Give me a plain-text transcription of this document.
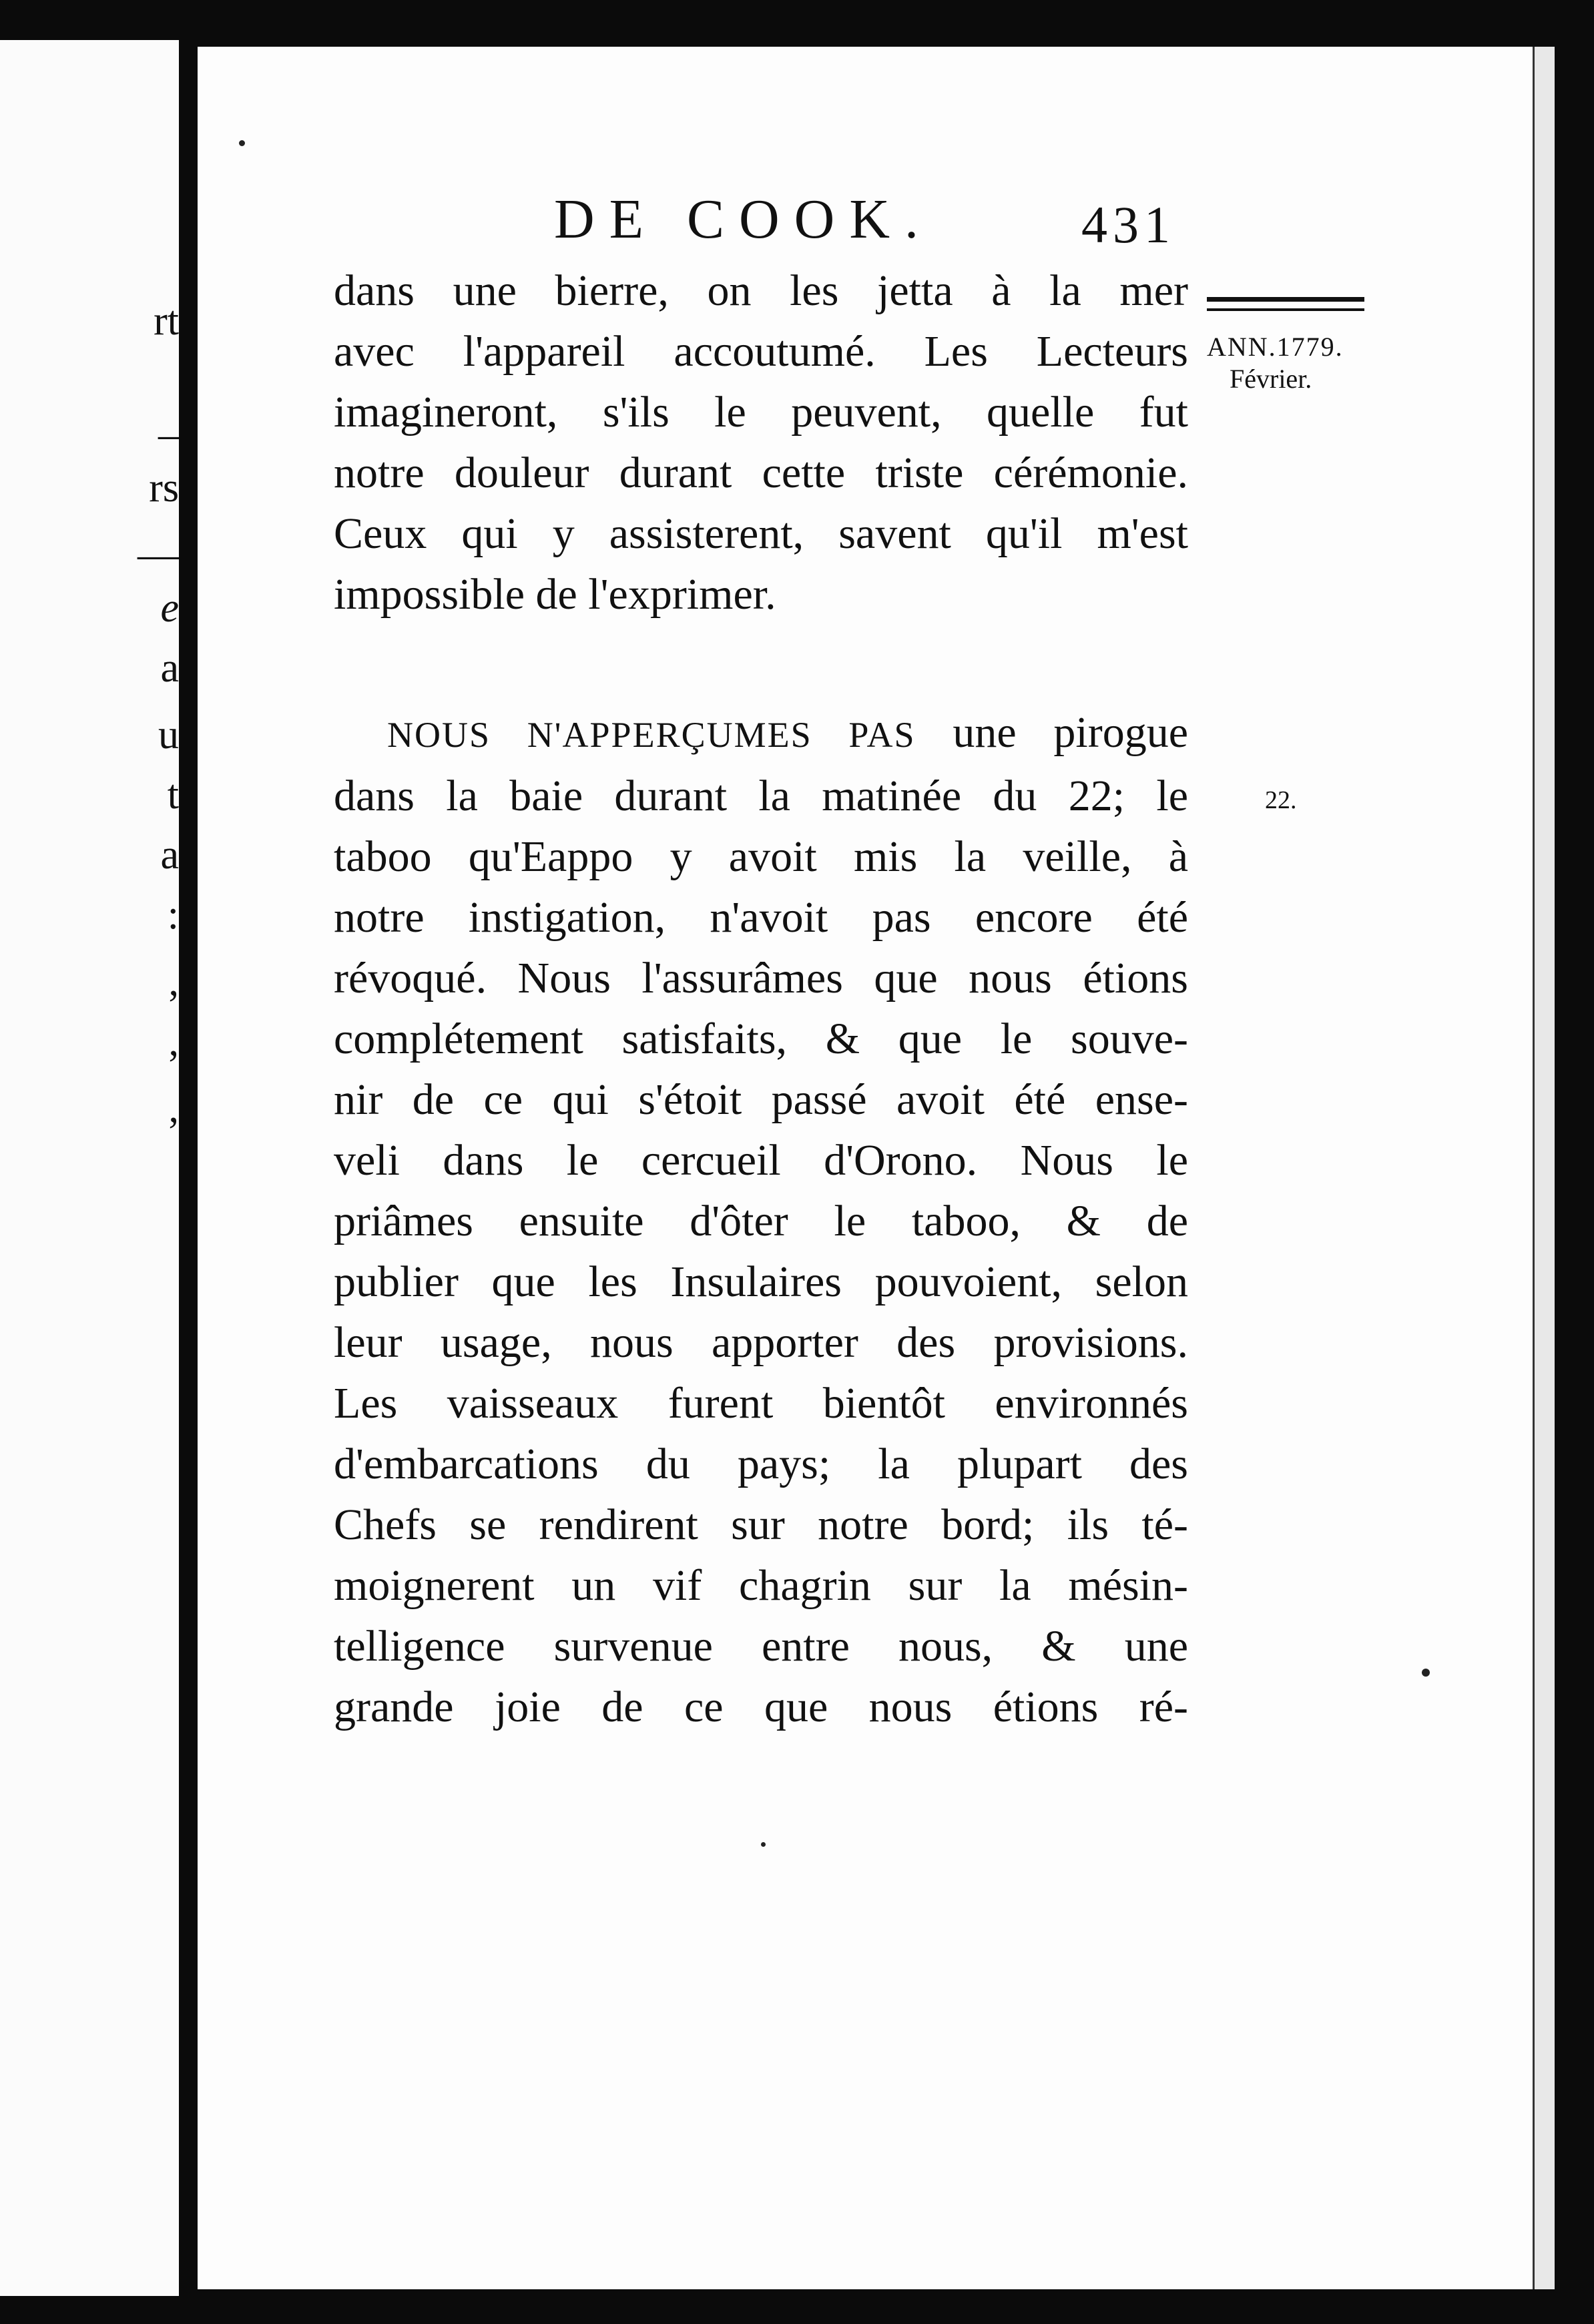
rt
–
rs
—
e
a
u
t
a
:
,
,
,
DE COOK.	431
ANN.1779.
Février.
22.
dans une bierre, on les jetta à la mer
avec l'appareil accoutumé. Les Lecteurs
imagineront, s'ils le peuvent, quelle fut
notre douleur durant cette triste cérémonie.
Ceux qui y assisterent, savent qu'il m'est
impossible de l'exprimer.
NOUS N'APPERÇUMES PAS une pirogue
dans la baie durant la matinée du 22; le
taboo qu'Eappo y avoit mis la veille, à
notre instigation, n'avoit pas encore été
révoqué. Nous l'assurâmes que nous étions
complétement satisfaits, & que le souve-
nir de ce qui s'étoit passé avoit été ense-
veli dans le cercueil d'Orono. Nous le
priâmes ensuite d'ôter le taboo, & de
publier que les Insulaires pouvoient, selon
leur usage, nous apporter des provisions.
Les vaisseaux furent bientôt environnés
d'embarcations du pays; la plupart des
Chefs se rendirent sur notre bord; ils té-
moignerent un vif chagrin sur la mésin-
telligence survenue entre nous, & une
grande joie de ce que nous étions ré-
